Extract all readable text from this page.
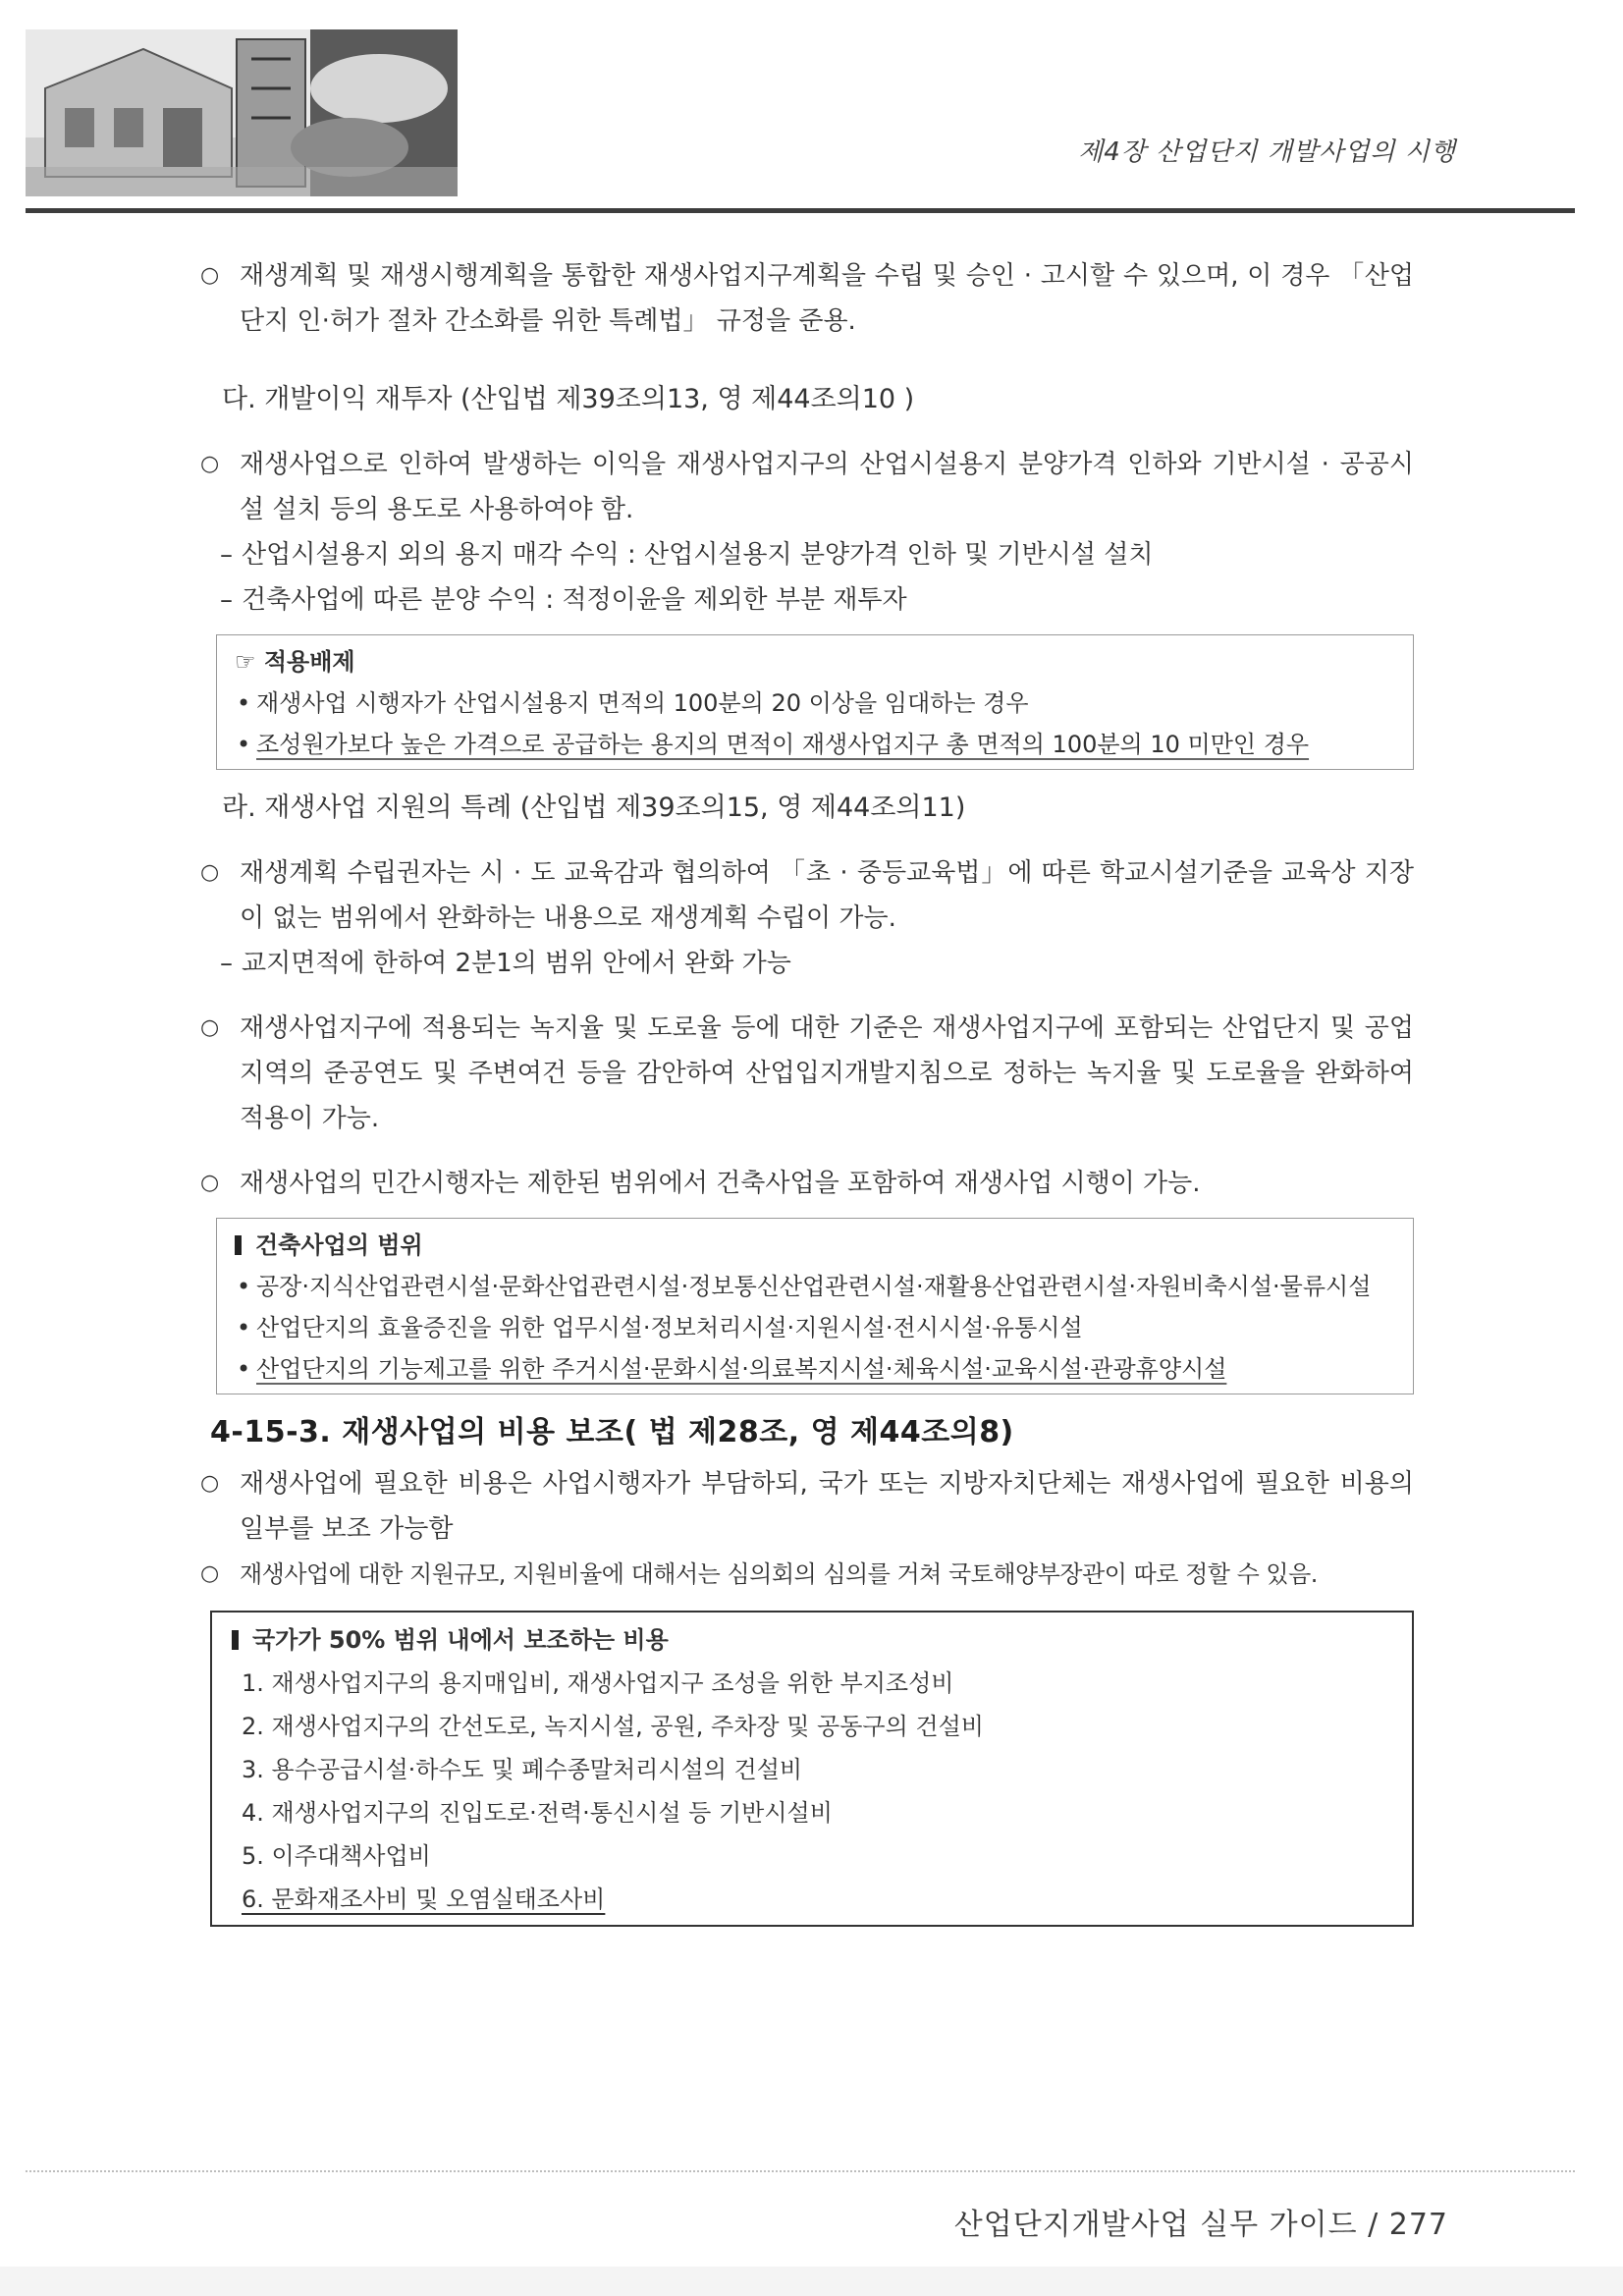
제4장 산업단지 개발사업의 시행

○ 재생계획 및 재생시행계획을 통합한 재생사업지구계획을 수립 및 승인 · 고시할 수 있으며, 이 경우 「산업단지 인·허가 절차 간소화를 위한 특례법」 규정을 준용.

다. 개발이익 재투자 (산입법 제39조의13, 영 제44조의10 )

○ 재생사업으로 인하여 발생하는 이익을 재생사업지구의 산업시설용지 분양가격 인하와 기반시설 · 공공시설 설치 등의 용도로 사용하여야 함.

– 산업시설용지 외의 용지 매각 수익 : 산업시설용지 분양가격 인하 및 기반시설 설치

– 건축사업에 따른 분양 수익 : 적정이윤을 제외한 부분 재투자

☞ 적용배제
• 재생사업 시행자가 산업시설용지 면적의 100분의 20 이상을 임대하는 경우
• 조성원가보다 높은 가격으로 공급하는 용지의 면적이 재생사업지구 총 면적의 100분의 10 미만인 경우

라. 재생사업 지원의 특례 (산입법 제39조의15, 영 제44조의11)

○ 재생계획 수립권자는 시 · 도 교육감과 협의하여 「초 · 중등교육법」에 따른 학교시설기준을 교육상 지장이 없는 범위에서 완화하는 내용으로 재생계획 수립이 가능.

– 교지면적에 한하여 2분1의 범위 안에서 완화 가능

○ 재생사업지구에 적용되는 녹지율 및 도로율 등에 대한 기준은 재생사업지구에 포함되는 산업단지 및 공업지역의 준공연도 및 주변여건 등을 감안하여 산업입지개발지침으로 정하는 녹지율 및 도로율을 완화하여 적용이 가능.

○ 재생사업의 민간시행자는 제한된 범위에서 건축사업을 포함하여 재생사업 시행이 가능.

건축사업의 범위
• 공장·지식산업관련시설·문화산업관련시설·정보통신산업관련시설·재활용산업관련시설·자원비축시설·물류시설
• 산업단지의 효율증진을 위한 업무시설·정보처리시설·지원시설·전시시설·유통시설
• 산업단지의 기능제고를 위한 주거시설·문화시설·의료복지시설·체육시설·교육시설·관광휴양시설
4-15-3. 재생사업의 비용 보조( 법 제28조, 영 제44조의8)

○ 재생사업에 필요한 비용은 사업시행자가 부담하되, 국가 또는 지방자치단체는 재생사업에 필요한 비용의 일부를 보조 가능함

○ 재생사업에 대한 지원규모, 지원비율에 대해서는 심의회의 심의를 거쳐 국토해양부장관이 따로 정할 수 있음.

국가가 50% 범위 내에서 보조하는 비용
1. 재생사업지구의 용지매입비, 재생사업지구 조성을 위한 부지조성비
2. 재생사업지구의 간선도로, 녹지시설, 공원, 주차장 및 공동구의 건설비
3. 용수공급시설·하수도 및 폐수종말처리시설의 건설비
4. 재생사업지구의 진입도로·전력·통신시설 등 기반시설비
5. 이주대책사업비
6. 문화재조사비 및 오염실태조사비
산업단지개발사업 실무 가이드 / 277
